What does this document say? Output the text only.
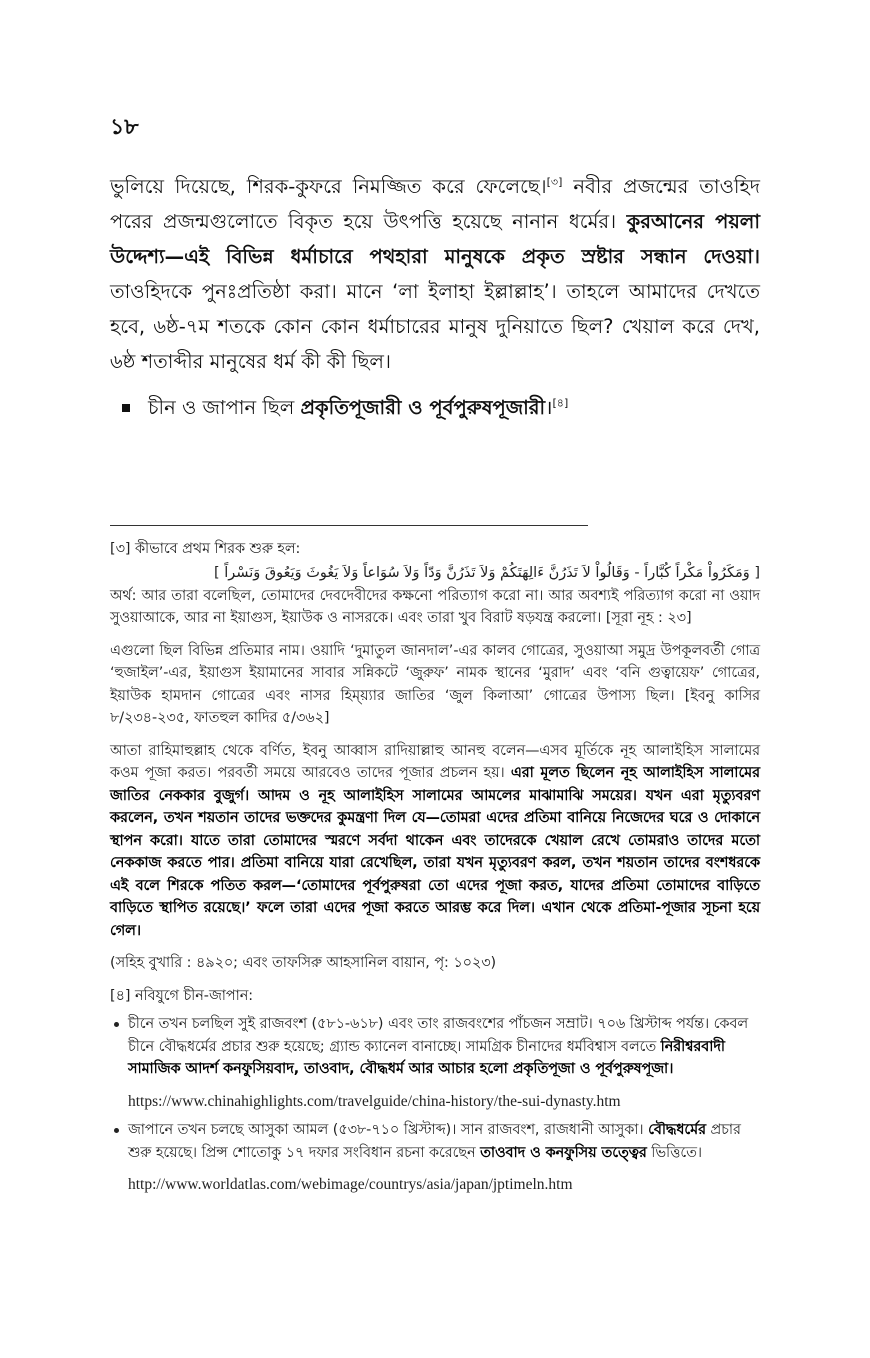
১৮

ভুলিয়ে দিয়েছে, শিরক-কুফরে নিমজ্জিত করে ফেলেছে।[৩] নবীর প্রজন্মের তাওহিদ পরের প্রজন্মগুলোতে বিকৃত হয়ে উৎপত্তি হয়েছে নানান ধর্মের। কুরআনের পয়লা উদ্দেশ্য—এই বিভিন্ন ধর্মাচারে পথহারা মানুষকে প্রকৃত স্রষ্টার সন্ধান দেওয়া। তাওহিদকে পুনঃপ্রতিষ্ঠা করা। মানে ‘লা ইলাহা ইল্লাল্লাহ’। তাহলে আমাদের দেখতে হবে, ৬ষ্ঠ-৭ম শতকে কোন কোন ধর্মাচারের মানুষ দুনিয়াতে ছিল? খেয়াল করে দেখ, ৬ষ্ঠ শতাব্দীর মানুষের ধর্ম কী কী ছিল।

চীন ও জাপান ছিল প্রকৃতিপূজারী ও পূর্বপুরুষপূজারী।[৪]

[৩] কীভাবে প্রথম শিরক শুরু হল:

[ وَمَكَرُواْ مَكْراً كُبَّاراً - وَقَالُواْ لاَ تَذَرُنَّ ءَالِهَتَكُمْ وَلاَ تَذَرُنَّ وَدّاً وَلاَ سُوَاعاً وَلاَ يَغُوثَ وَيَعُوقَ وَنَسْراً ]

অর্থ: আর তারা বলেছিল, তোমাদের দেবদেবীদের কক্ষনো পরিত্যাগ করো না। আর অবশ্যই পরিত্যাগ করো না ওয়াদ সুওয়াআকে, আর না ইয়াগুস, ইয়াউক ও নাসরকে। এবং তারা খুব বিরাট ষড়যন্ত্র করলো। [সূরা নূহ : ২৩]

এগুলো ছিল বিভিন্ন প্রতিমার নাম। ওয়াদি ‘দুমাতুল জানদাল’-এর কালব গোত্রের, সুওয়াআ সমুদ্র উপকূলবর্তী গোত্র ‘হুজাইল’-এর, ইয়াগুস ইয়ামানের সাবার সন্নিকটে ‘জুরুফ’ নামক স্থানের ‘মুরাদ’ এবং ‘বনি গুত্বায়েফ’ গোত্রের, ইয়াউক হামদান গোত্রের এবং নাসর হিম্য়্যার জাতির ‘জুল কিলাআ’ গোত্রের উপাস্য ছিল। [ইবনু কাসির ৮/২৩৪-২৩৫, ফাতহুল কাদির ৫/৩৬২]

আতা রাহিমাহুল্লাহ থেকে বর্ণিত, ইবনু আব্বাস রাদিয়াল্লাহু আনহু বলেন—এসব মূর্তিকে নূহ আলাইহিস সালামের কওম পূজা করত। পরবর্তী সময়ে আরবেও তাদের পূজার প্রচলন হয়। এরা মূলত ছিলেন নূহ আলাইহিস সালামের জাতির নেককার বুজুর্গ। আদম ও নূহ আলাইহিস সালামের আমলের মাঝামাঝি সময়ের। যখন এরা মৃত্যুবরণ করলেন, তখন শয়তান তাদের ভক্তদের কুমন্ত্রণা দিল যে—তোমরা এদের প্রতিমা বানিয়ে নিজেদের ঘরে ও দোকানে স্থাপন করো। যাতে তারা তোমাদের স্মরণে সর্বদা থাকেন এবং তাদেরকে খেয়াল রেখে তোমরাও তাদের মতো নেককাজ করতে পার। প্রতিমা বানিয়ে যারা রেখেছিল, তারা যখন মৃত্যুবরণ করল, তখন শয়তান তাদের বংশধরকে এই বলে শিরকে পতিত করল—‘তোমাদের পূর্বপুরুষরা তো এদের পূজা করত, যাদের প্রতিমা তোমাদের বাড়িতে বাড়িতে স্থাপিত রয়েছে।’ ফলে তারা এদের পূজা করতে আরম্ভ করে দিল। এখান থেকে প্রতিমা-পূজার সূচনা হয়ে গেল।

(সহিহ বুখারি : ৪৯২০; এবং তাফসিরু আহসানিল বায়ান, পৃ: ১০২৩)

[৪] নবিযুগে চীন-জাপান:

চীনে তখন চলছিল সুই রাজবংশ (৫৮১-৬১৮) এবং তাং রাজবংশের পাঁচজন সম্রাট। ৭০৬ খ্রিস্টাব্দ পর্যন্ত। কেবল চীনে বৌদ্ধধর্মের প্রচার শুরু হয়েছে; গ্র্যান্ড ক্যানেল বানাচ্ছে। সামগ্রিক চীনাদের ধর্মবিশ্বাস বলতে নিরীশ্বরবাদী সামাজিক আদর্শ কনফুসিয়বাদ, তাওবাদ, বৌদ্ধধর্ম আর আচার হলো প্রকৃতিপূজা ও পূর্বপুরুষপূজা।
https://www.chinahighlights.com/travelguide/china-history/the-sui-dynasty.htm
জাপানে তখন চলছে আসুকা আমল (৫৩৮-৭১০ খ্রিস্টাব্দ)। সান রাজবংশ, রাজধানী আসুকা। বৌদ্ধধর্মের প্রচার শুরু হয়েছে। প্রিন্স শোতোকু ১৭ দফার সংবিধান রচনা করেছেন তাওবাদ ও কনফুসিয় তত্ত্বের ভিত্তিতে।
http://www.worldatlas.com/webimage/countrys/asia/japan/jptimeln.htm
